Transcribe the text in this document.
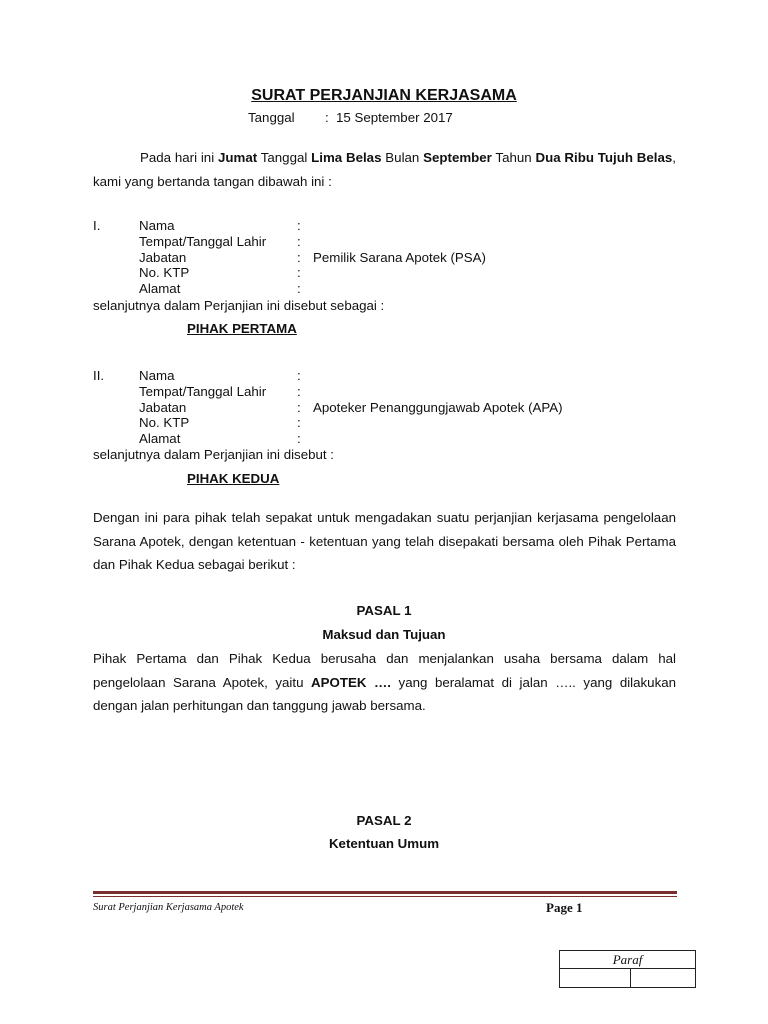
SURAT PERJANJIAN KERJASAMA
Tanggal : 15 September 2017
Pada hari ini Jumat Tanggal Lima Belas Bulan September Tahun Dua Ribu Tujuh Belas, kami yang bertanda tangan dibawah ini :
I.	Nama	:
Tempat/Tanggal Lahir :
Jabatan	: Pemilik Sarana Apotek (PSA)
No. KTP	:
Alamat	:
selanjutnya dalam Perjanjian ini disebut sebagai :
PIHAK PERTAMA
II.	Nama	:
Tempat/Tanggal Lahir :
Jabatan	: Apoteker Penanggungjawab Apotek (APA)
No. KTP	:
Alamat	:
selanjutnya dalam Perjanjian ini disebut :
PIHAK KEDUA
Dengan ini para pihak telah sepakat untuk mengadakan suatu perjanjian kerjasama pengelolaan Sarana Apotek, dengan ketentuan - ketentuan yang telah disepakati bersama oleh Pihak Pertama dan Pihak Kedua sebagai berikut :
PASAL 1
Maksud dan Tujuan
Pihak Pertama dan Pihak Kedua berusaha dan menjalankan usaha bersama dalam hal pengelolaan Sarana Apotek, yaitu APOTEK …. yang beralamat di jalan ….. yang dilakukan dengan jalan perhitungan dan tanggung jawab bersama.
PASAL 2
Ketentuan Umum
Surat Perjanjian Kerjasama Apotek	Page 1
Paraf
